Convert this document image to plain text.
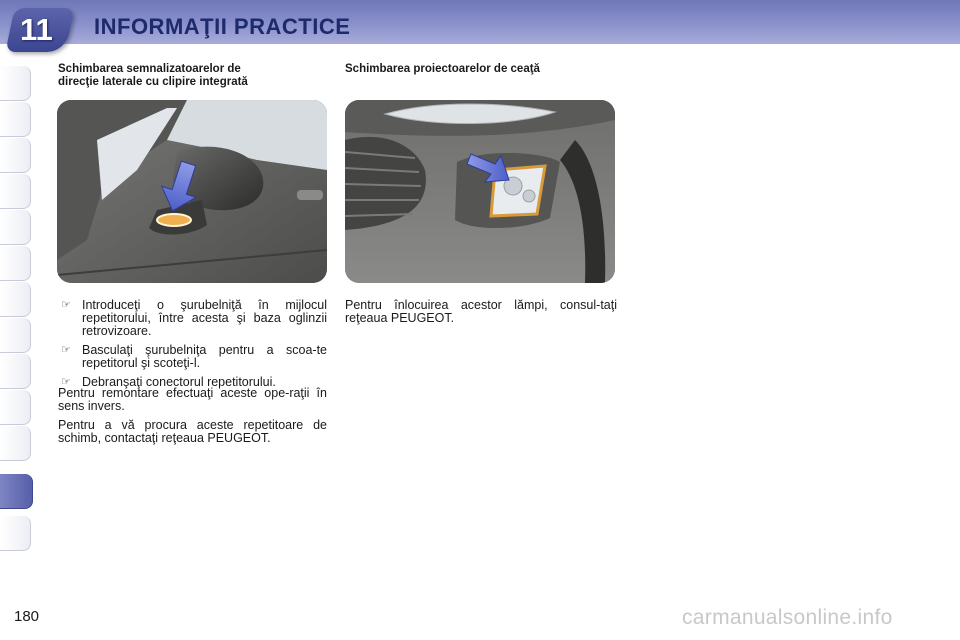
11 INFORMAŢII PRACTICE
Schimbarea semnalizatoarelor de
direcţie laterale cu clipire integrată
☞ Introduceţi o şurubelniţă în mijlocul repetitorului, între acesta şi baza oglinzii retrovizoare.
☞ Basculaţi şurubelniţa pentru a scoa-te repetitorul şi scoteţi-l.
☞ Debranşaţi conectorul repetitorului.

Pentru remontare efectuaţi aceste ope-raţii în sens invers.

Pentru a vă procura aceste repetitoare de schimb, contactaţi reţeaua PEUGEOT.

Schimbarea proiectoarelor de ceaţă

Pentru înlocuirea acestor lămpi, consul-taţi reţeaua PEUGEOT.

180	carmanualsonline.info
